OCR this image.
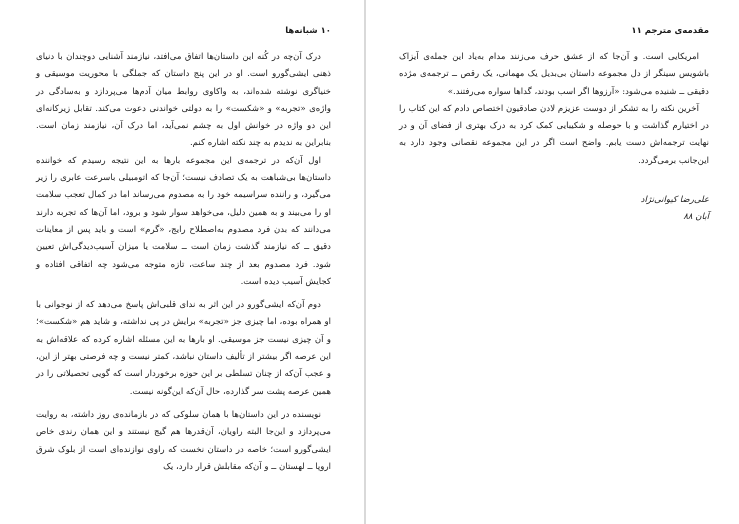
۱۰ شبانه‌ها

درک آن‌چه در کُنه این داستان‌ها اتفاق می‌افتد، نیازمند آشنایی دوچندان با دنیای ذهنی ایشی‌گورو است. او در این پنج داستان که جملگی با محوریت موسیقی و خنیاگری نوشته شده‌اند، به واکاوی روابط میان آدم‌ها می‌پردازد و به‌سادگی در واژه‌ی «تجربه» و «شکست» را به دولتی خواندنی دعوت می‌کند. تقابل زیرکانه‌ای این دو واژه در خوانش اول به چشم نمی‌آید، اما درک آن، نیازمند زمان است. بنابراین به ندیدم به چند نکته اشاره کنم.

اول آن‌که در ترجمه‌ی این مجموعه بارها به این نتیجه رسیدم که خواننده داستان‌ها بی‌شباهت به یک تصادف نیست؛ آن‌جا که اتومبیلی باسرعت عابری را زیر می‌گیرد، و راننده سراسیمه خود را به مصدوم می‌رساند اما در کمال تعجب سلامت او را می‌بیند و به همین دلیل، می‌خواهد سوار شود و برود، اما آن‌ها که تجربه دارند می‌دانند که بدن فرد مصدوم به‌اصطلاح رایج، «گرم» است و باید پس از معاینات دقیق ــ که نیازمند گذشت زمان است ــ سلامت یا میزان آسیب‌دیدگی‌اش تعیین شود. فرد مصدوم بعد از چند ساعت، تازه متوجه می‌شود چه اتفاقی افتاده و کجایش آسیب دیده است.

دوم آن‌که ایشی‌گورو در این اثر به ندای قلبی‌اش پاسخ می‌دهد که از نوجوانی با او همراه بوده، اما چیزی جز «تجربه» برایش در پی نداشته، و شاید هم «شکست»؛ و آن چیزی نیست جز موسیقی. او بارها به این مسئله اشاره کرده که علاقه‌اش به این عرصه اگر بیشتر از تألیف داستان نباشد، کمتر نیست و چه فرصتی بهتر از این، و عجب آن‌که از چنان تسلطی بر این حوزه برخوردار است که گویی تحصیلاتی را در همین عرصه پشت سر گذارده، حال آن‌که این‌گونه نیست.

نویسنده در این داستان‌ها با همان سلوکی که در بازمانده‌ی روز داشته، به روایت می‌پردازد و این‌جا البته راویان، آن‌قدرها هم گیج نیستند و این همان رندی خاص ایشی‌گورو است؛ خاصه در داستان نخست که راوی نوازنده‌ای است از بلوک شرق اروپا ــ لهستان ــ و آن‌که مقابلش قرار دارد، یک

مقدمه‌ی مترجم ۱۱

امریکایی است. و آن‌جا که از عشق حرف می‌زنند مدام به‌یاد این جمله‌ی آیزاک باشویس سینگر از دل مجموعه داستان بی‌بدیل یک مهمانی، یک رقص ــ ترجمه‌ی مژده دقیقی ــ شنیده می‌شود: «آرزوها اگر اسب بودند، گداها سواره می‌رفتند.»

آخرین نکته را به تشکر از دوست عزیزم لادن صادقیون اختصاص دادم که این کتاب را در اختیارم گذاشت و با حوصله و شکیبایی کمک کرد به درک بهتری از فضای آن و در نهایت ترجمه‌اش دست یابم. واضح است اگر در این مجموعه نقصانی وجود دارد به این‌جانب برمی‌گردد.

علی‌رضا کیوانی‌نژاد
آبان ۸۸
